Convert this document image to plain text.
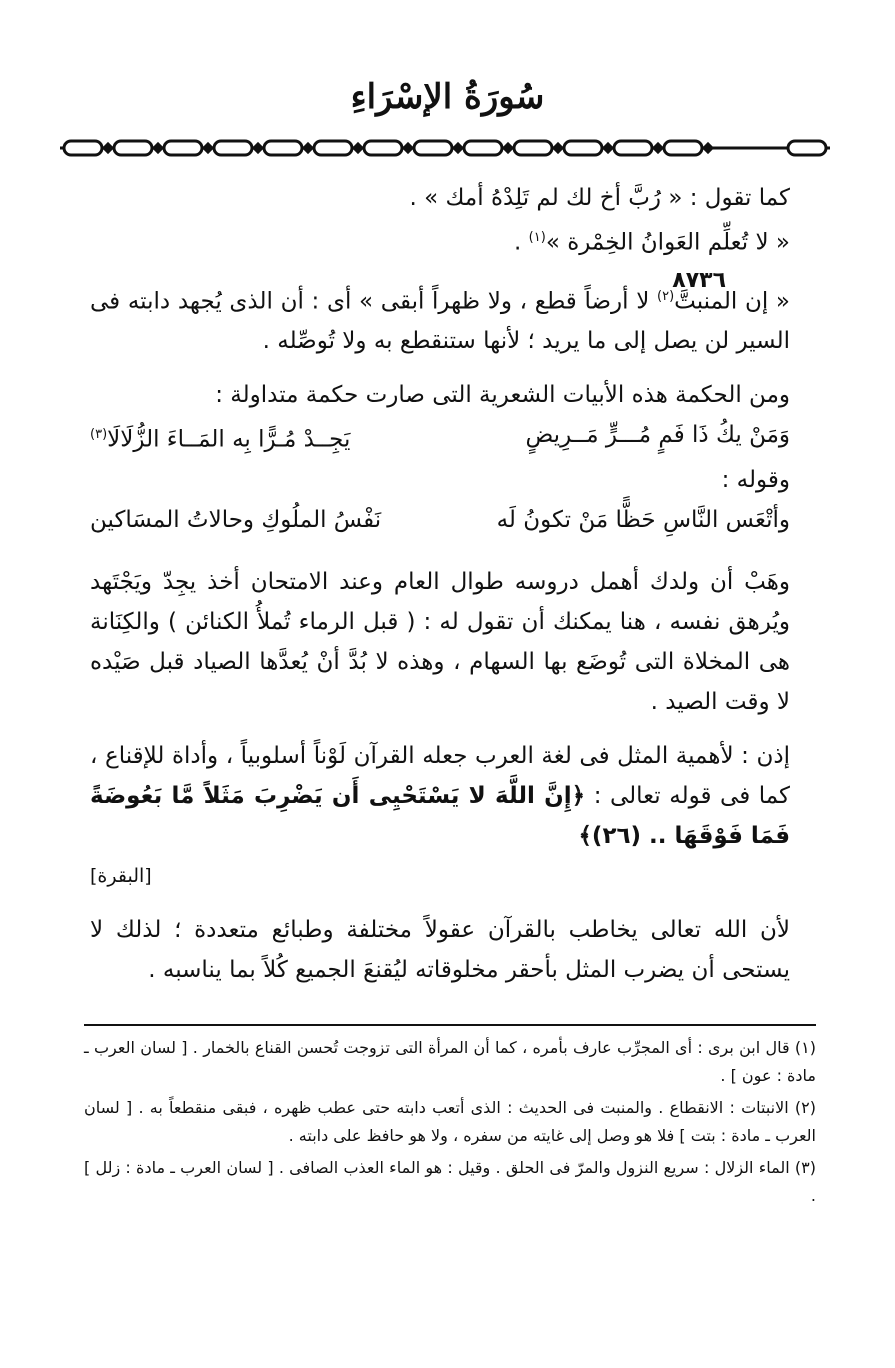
سُورَةُ الإسْرَاءِ
٨٧٣٦

كما تقول : « رُبَّ أخ لك لم تَلِدْهُ أمك » .

« لا تُعلِّم العَوانُ الخِمْرة »$^{(١)}$ .

« إن المنبتَّ$^{(٢)}$ لا أرضاً قطع ، ولا ظهراً أبقى » أى : أن الذى يُجهد دابته فى السير لن يصل إلى ما يريد ؛ لأنها ستنقطع به ولا تُوصِّله .

ومن الحكمة هذه الأبيات الشعرية التى صارت حكمة متداولة :

وَمَنْ يكُ ذَا فَمٍ مُـــرٍّ مَــرِيضٍ
يَجِــدْ مُـرًّا بِه المَــاءَ الزُّلَالَا$^{(٣)}$

وقوله :

وأتْعَس النَّاسِ حَظًّا مَنْ تكونُ لَه
نَفْسُ الملُوكِ وحالاتُ المسَاكين

وهَبْ أن ولدك أهمل دروسه طوال العام وعند الامتحان أخذ يجِدّ ويَجْتَهد ويُرهق نفسه ، هنا يمكنك أن تقول له : ( قبل الرماء تُملأُ الكنائن ) والكِنَانة هى المخلاة التى تُوضَع بها السهام ، وهذه لا بُدَّ أنْ يُعدَّها الصياد قبل صَيْده لا وقت الصيد .

إذن : لأهمية المثل فى لغة العرب جعله القرآن لَوْناً أسلوبياً ، وأداة للإقناع ، كما فى قوله تعالى : ﴿إِنَّ اللَّهَ لا يَسْتَحْيِى أَن يَضْرِبَ مَثَلاً مَّا بَعُوضَةً فَمَا فَوْقَهَا .. (٢٦)﴾

[البقرة]

لأن الله تعالى يخاطب بالقرآن عقولاً مختلفة وطبائع متعددة ؛ لذلك لا يستحى أن يضرب المثل بأحقر مخلوقاته ليُقنعَ الجميع كُلاً بما يناسبه .

(١) قال ابن برى : أى المجرِّب عارف بأمره ، كما أن المرأة التى تزوجت تُحسن القناع بالخمار . [ لسان العرب ـ مادة : عون ] .

(٢) الانبتات : الانقطاع . والمنبت فى الحديث : الذى أتعب دابته حتى عطب ظهره ، فبقى منقطعاً به . [ لسان العرب ـ مادة : بتت ] فلا هو وصل إلى غايته من سفره ، ولا هو حافظ على دابته .

(٣) الماء الزلال : سريع النزول والمرّ فى الحلق . وقيل : هو الماء العذب الصافى . [ لسان العرب ـ مادة : زلل ] .
